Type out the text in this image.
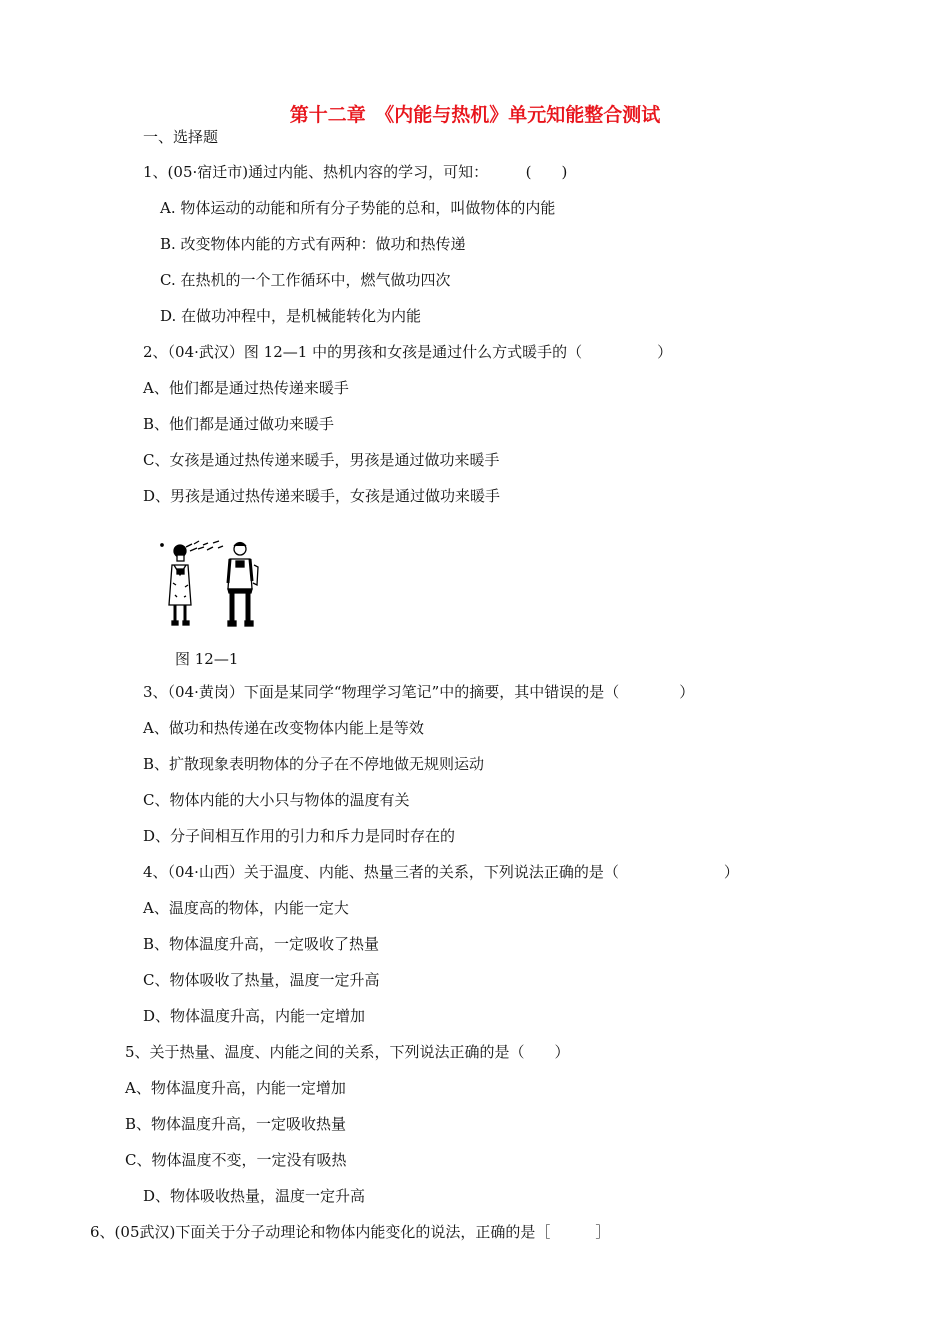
第十二章　《内能与热机》单元知能整合测试
一、选择题
1、(05·宿迁市)通过内能、热机内容的学习，可知：　　　(　　)
A. 物体运动的动能和所有分子势能的总和，叫做物体的内能
B. 改变物体内能的方式有两种：做功和热传递
C. 在热机的一个工作循环中，燃气做功四次
D. 在做功冲程中，是机械能转化为内能
2、（04·武汉）图 12—1 中的男孩和女孩是通过什么方式暖手的（　　　　　）
A、他们都是通过热传递来暖手
B、他们都是通过做功来暖手
C、女孩是通过热传递来暖手，男孩是通过做功来暖手
D、男孩是通过热传递来暖手，女孩是通过做功来暖手
图 12—1
3、（04·黄岗）下面是某同学“物理学习笔记”中的摘要，其中错误的是（　　　　）
A、做功和热传递在改变物体内能上是等效
B、扩散现象表明物体的分子在不停地做无规则运动
C、物体内能的大小只与物体的温度有关
D、分子间相互作用的引力和斥力是同时存在的
4、（04·山西）关于温度、内能、热量三者的关系，下列说法正确的是（　　　　　　　）
A、温度高的物体，内能一定大
B、物体温度升高，一定吸收了热量
C、物体吸收了热量，温度一定升高
D、物体温度升高，内能一定增加
5、关于热量、温度、内能之间的关系，下列说法正确的是（　　）
A、物体温度升高，内能一定增加
B、物体温度升高，一定吸收热量
C、物体温度不变，一定没有吸热
D、物体吸收热量，温度一定升高
6、(05武汉)下面关于分子动理论和物体内能变化的说法，正确的是［　　　］
